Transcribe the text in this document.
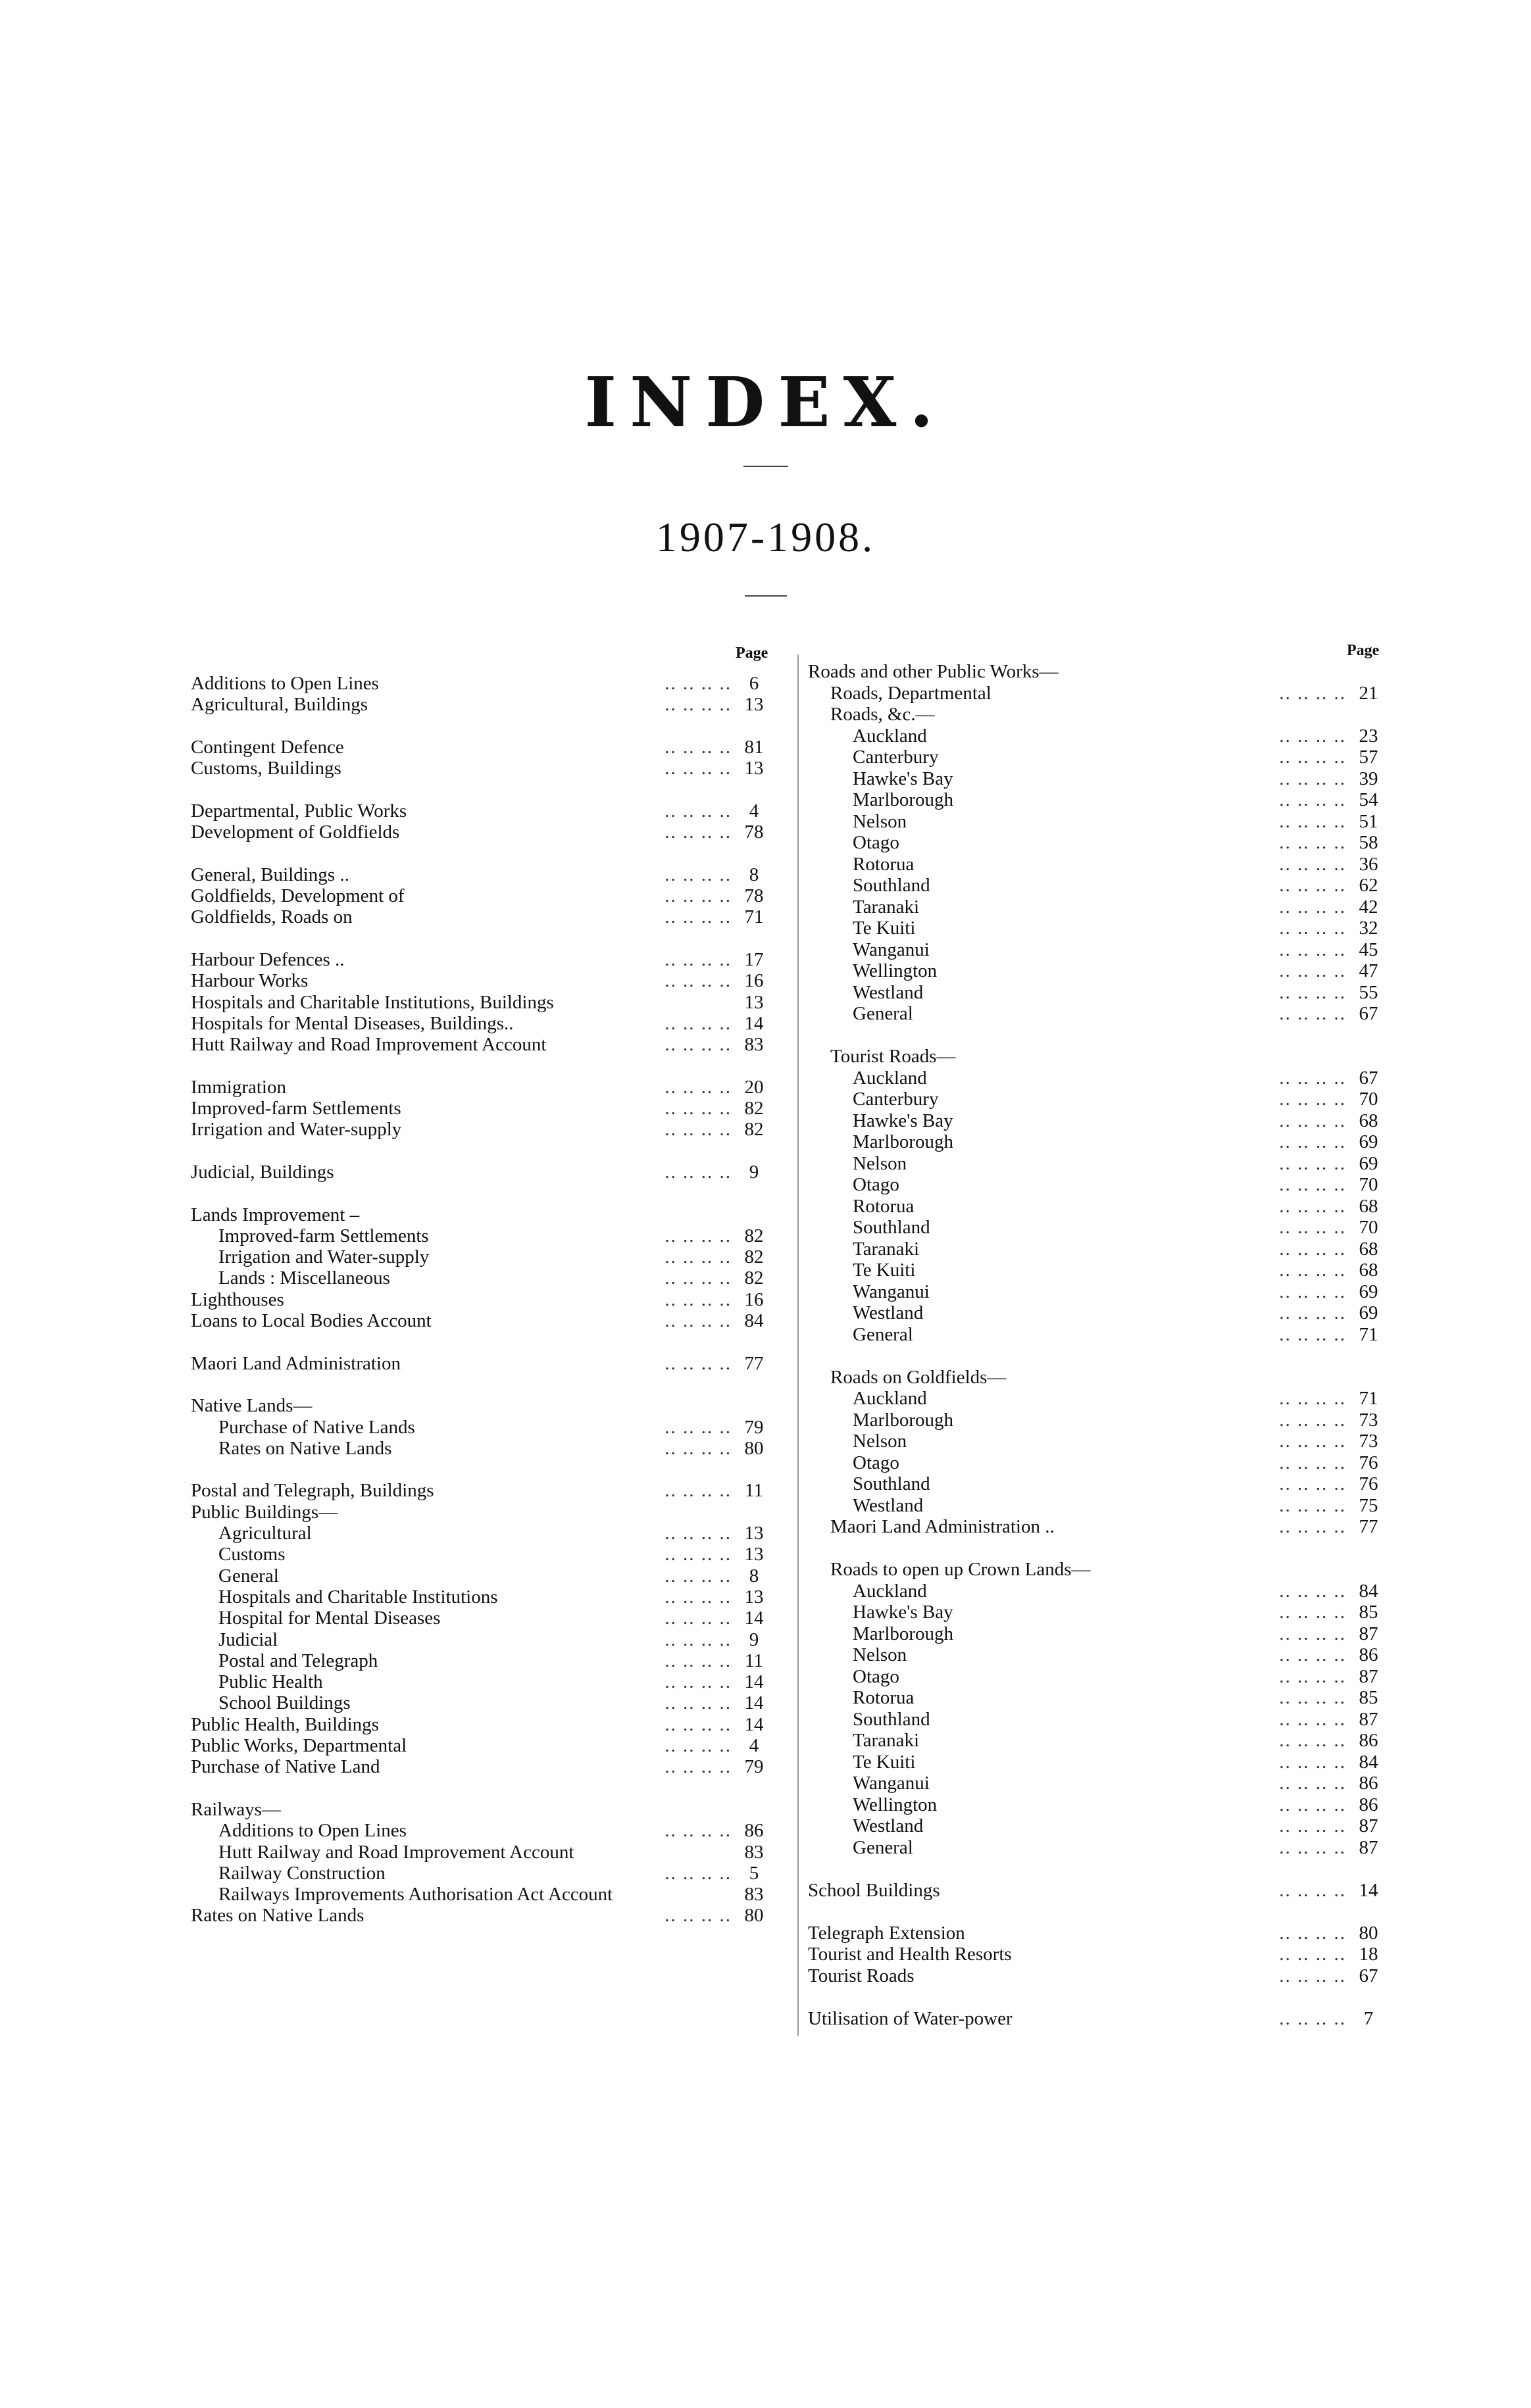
INDEX.
1907-1908.
Page	Page
Additions to Open Lines	.. .. .. .. 6
Agricultural, Buildings	.. .. .. .. 13
Contingent Defence	.. .. .. .. 81
Customs, Buildings	.. .. .. .. 13
Departmental, Public Works	.. .. .. .. 4
Development of Goldfields	.. .. .. .. 78
General, Buildings ..	.. .. .. .. 8
Goldfields, Development of	.. .. .. .. 78
Goldfields, Roads on	.. .. .. .. 71
Harbour Defences ..	.. .. .. .. 17
Harbour Works	.. .. .. .. 16
Hospitals and Charitable Institutions, Buildings	13
Hospitals for Mental Diseases, Buildings..	.. .. .. .. 14
Hutt Railway and Road Improvement Account	.. .. .. .. 83
Immigration	.. .. .. .. 20
Improved-farm Settlements	.. .. .. .. 82
Irrigation and Water-supply	.. .. .. .. 82
Judicial, Buildings	.. .. .. .. 9
Lands Improvement –
Improved-farm Settlements	.. .. .. .. 82
Irrigation and Water-supply	.. .. .. .. 82
Lands : Miscellaneous	.. .. .. .. 82
Lighthouses	.. .. .. .. 16
Loans to Local Bodies Account	.. .. .. .. 84
Maori Land Administration	.. .. .. .. 77
Native Lands—
Purchase of Native Lands	.. .. .. .. 79
Rates on Native Lands	.. .. .. .. 80
Postal and Telegraph, Buildings	.. .. .. .. 11
Public Buildings—
Agricultural	.. .. .. .. 13
Customs	.. .. .. .. 13
General	.. .. .. .. 8
Hospitals and Charitable Institutions	.. .. .. .. 13
Hospital for Mental Diseases	.. .. .. .. 14
Judicial	.. .. .. .. 9
Postal and Telegraph	.. .. .. .. 11
Public Health	.. .. .. .. 14
School Buildings	.. .. .. .. 14
Public Health, Buildings	.. .. .. .. 14
Public Works, Departmental	.. .. .. .. 4
Purchase of Native Land	.. .. .. .. 79
Railways—
Additions to Open Lines	.. .. .. .. 86
Hutt Railway and Road Improvement Account	83
Railway Construction	.. .. .. .. 5
Railways Improvements Authorisation Act Account	83
Rates on Native Lands	.. .. .. .. 80
Roads and other Public Works—
Roads, Departmental	.. .. .. .. 21
Roads, &c.—
Auckland	.. .. .. .. 23
Canterbury	.. .. .. .. 57
Hawke's Bay	.. .. .. .. 39
Marlborough	.. .. .. .. 54
Nelson	.. .. .. .. 51
Otago	.. .. .. .. 58
Rotorua	.. .. .. .. 36
Southland	.. .. .. .. 62
Taranaki	.. .. .. .. 42
Te Kuiti	.. .. .. .. 32
Wanganui	.. .. .. .. 45
Wellington	.. .. .. .. 47
Westland	.. .. .. .. 55
General	.. .. .. .. 67
Tourist Roads—
Auckland	.. .. .. .. 67
Canterbury	.. .. .. .. 70
Hawke's Bay	.. .. .. .. 68
Marlborough	.. .. .. .. 69
Nelson	.. .. .. .. 69
Otago	.. .. .. .. 70
Rotorua	.. .. .. .. 68
Southland	.. .. .. .. 70
Taranaki	.. .. .. .. 68
Te Kuiti	.. .. .. .. 68
Wanganui	.. .. .. .. 69
Westland	.. .. .. .. 69
General	.. .. .. .. 71
Roads on Goldfields—
Auckland	.. .. .. .. 71
Marlborough	.. .. .. .. 73
Nelson	.. .. .. .. 73
Otago	.. .. .. .. 76
Southland	.. .. .. .. 76
Westland	.. .. .. .. 75
Maori Land Administration ..	.. .. .. .. 77
Roads to open up Crown Lands—
Auckland	.. .. .. .. 84
Hawke's Bay	.. .. .. .. 85
Marlborough	.. .. .. .. 87
Nelson	.. .. .. .. 86
Otago	.. .. .. .. 87
Rotorua	.. .. .. .. 85
Southland	.. .. .. .. 87
Taranaki	.. .. .. .. 86
Te Kuiti	.. .. .. .. 84
Wanganui	.. .. .. .. 86
Wellington	.. .. .. .. 86
Westland	.. .. .. .. 87
General	.. .. .. .. 87
School Buildings	.. .. .. .. 14
Telegraph Extension	.. .. .. .. 80
Tourist and Health Resorts	.. .. .. .. 18
Tourist Roads	.. .. .. .. 67
Utilisation of Water-power	.. .. .. .. 7
